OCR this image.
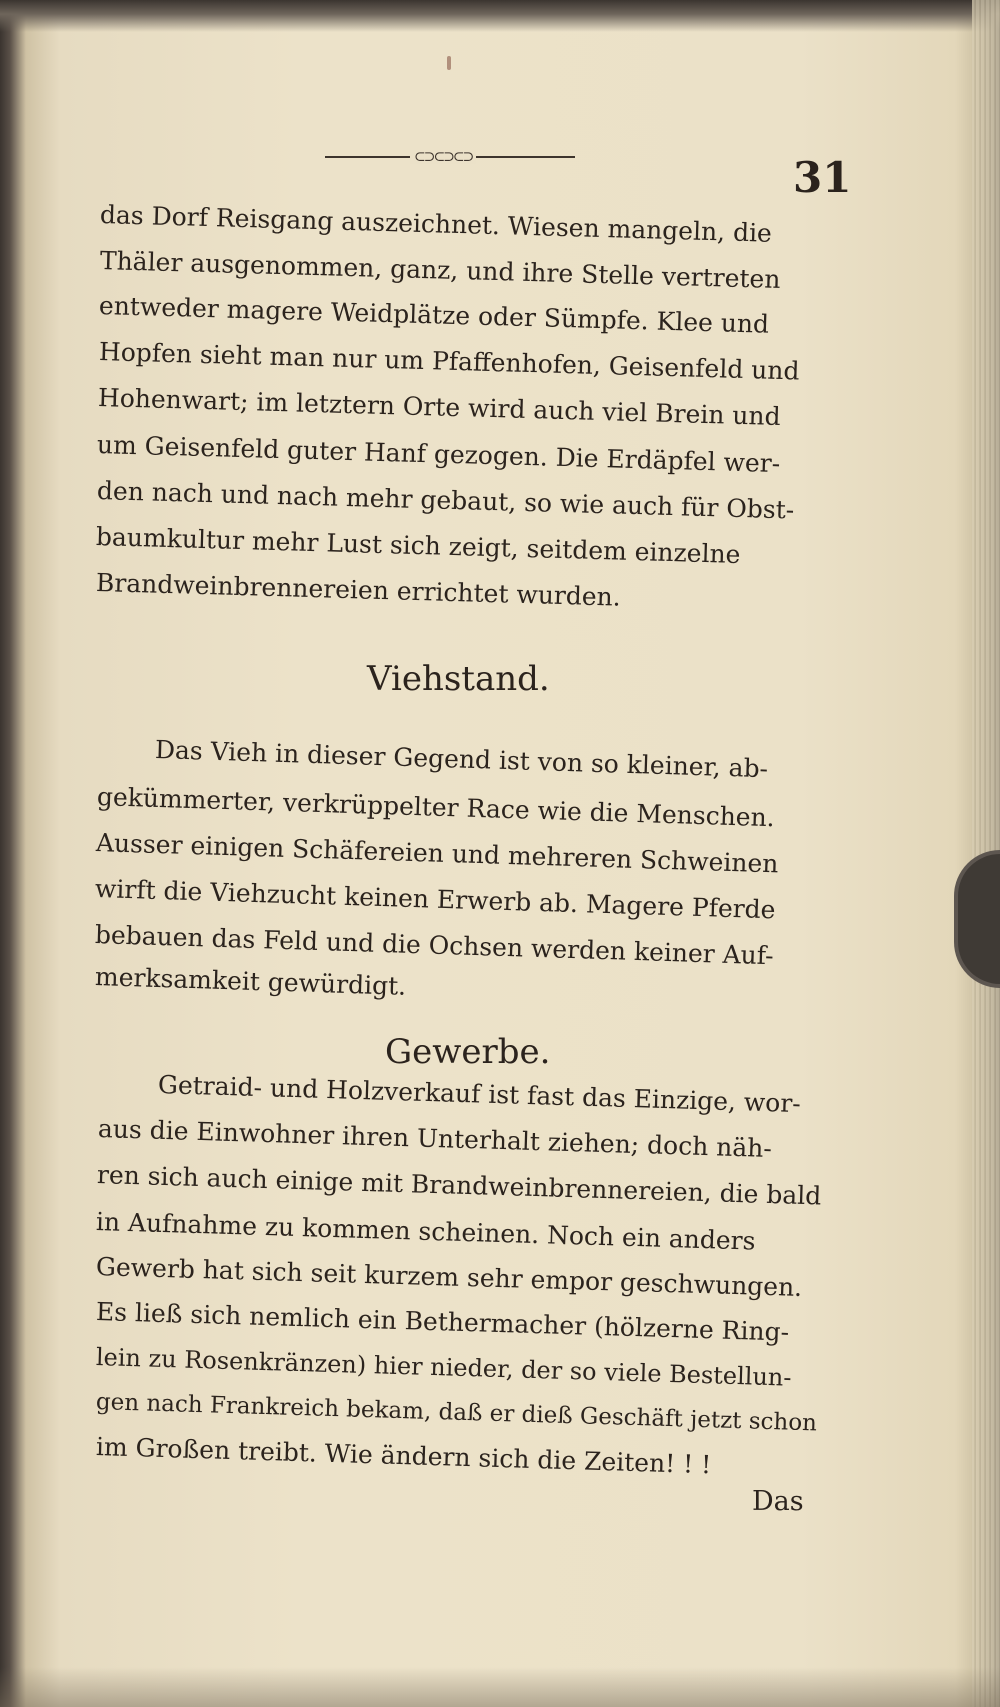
⊂⊃⊂⊃⊂⊃	31
das Dorf Reisgang auszeichnet. Wiesen mangeln, die
Thäler ausgenommen, ganz, und ihre Stelle vertreten
entweder magere Weidplätze oder Sümpfe. Klee und
Hopfen sieht man nur um Pfaffenhofen, Geisenfeld und
Hohenwart; im letztern Orte wird auch viel Brein und
um Geisenfeld guter Hanf gezogen. Die Erdäpfel wer-
den nach und nach mehr gebaut, so wie auch für Obst-
baumkultur mehr Lust sich zeigt, seitdem einzelne
Brandweinbrennereien errichtet wurden.
Viehstand.
Das Vieh in dieser Gegend ist von so kleiner, ab-
gekümmerter, verkrüppelter Race wie die Menschen.
Ausser einigen Schäfereien und mehreren Schweinen
wirft die Viehzucht keinen Erwerb ab. Magere Pferde
bebauen das Feld und die Ochsen werden keiner Auf-
merksamkeit gewürdigt.
Gewerbe.
Getraid- und Holzverkauf ist fast das Einzige, wor-
aus die Einwohner ihren Unterhalt ziehen; doch näh-
ren sich auch einige mit Brandweinbrennereien, die bald
in Aufnahme zu kommen scheinen. Noch ein anders
Gewerb hat sich seit kurzem sehr empor geschwungen.
Es ließ sich nemlich ein Bethermacher (hölzerne Ring-
lein zu Rosenkränzen) hier nieder, der so viele Bestellun-
gen nach Frankreich bekam, daß er dieß Geschäft jetzt schon
im Großen treibt. Wie ändern sich die Zeiten! ! !
Das
